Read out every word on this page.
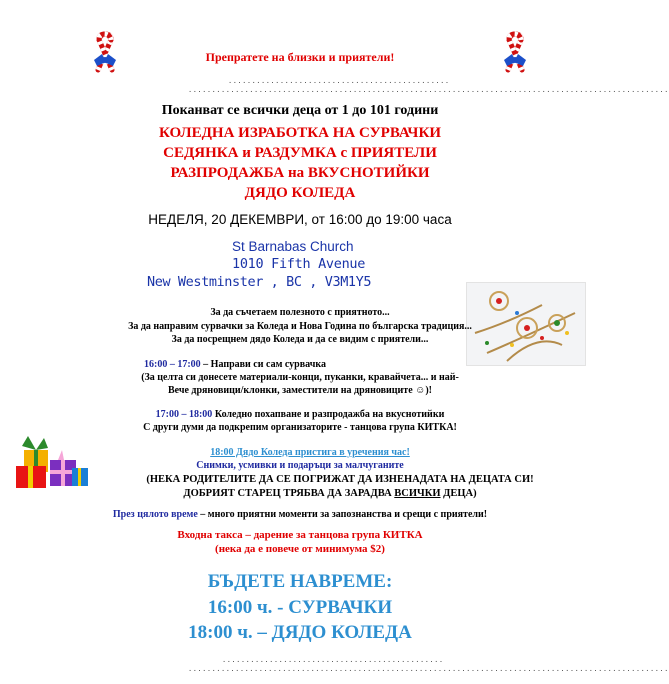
Препратете на близки и приятели!
...............................................
......................................................................................................
Поканват се всички деца от 1 до 101 години
КОЛЕДНА ИЗРАБОТКА НА СУРВАЧКИ
СЕДЯНКА и РАЗДУМКА с ПРИЯТЕЛИ
РАЗПРОДАЖБА на ВКУСНОТИЙКИ
ДЯДО КОЛЕДА
НЕДЕЛЯ, 20 ДЕКЕМВРИ, от 16:00 до 19:00 часа
St Barnabas Church
1010 Fifth Avenue
New Westminster , BC , V3M1Y5
За да съчетаем полезното с приятното...
За да направим сурвачки за Коледа и Нова Година по българска традиция...
За да посрещнем дядо Коледа и да се видим с приятели...
16:00 – 17:00 – Направи си сам сурвачка
(За целта си донесете материали-конци, пуканки, кравайчета... и най-
Вече дряновици/клонки, заместители на дряновиците ☺)!
17:00 – 18:00 Коледно похапване и разпродажба на вкуснотийки
С други думи да подкрепим организаторите - танцова група КИТКА!
18:00 Дядо Коледа пристига в уречения час!
Снимки, усмивки и подаръци за малчуганите
(НЕКА РОДИТЕЛИТЕ ДА СЕ ПОГРИЖАТ ДА ИЗНЕНАДАТА НА ДЕЦАТА СИ!
ДОБРИЯТ СТАРЕЦ ТРЯБВА ДА ЗАРАДВА ВСИЧКИ ДЕЦА)
През цялото време – много приятни моменти за запознанства и срещи с приятели!
Входна такса – дарение за танцова група КИТКА
(нека да е повече от минимума $2)
БЪДЕТЕ НАВРЕМЕ:
16:00 ч. - СУРВАЧКИ
18:00 ч. – ДЯДО КОЛЕДА
...............................................
......................................................................................................
